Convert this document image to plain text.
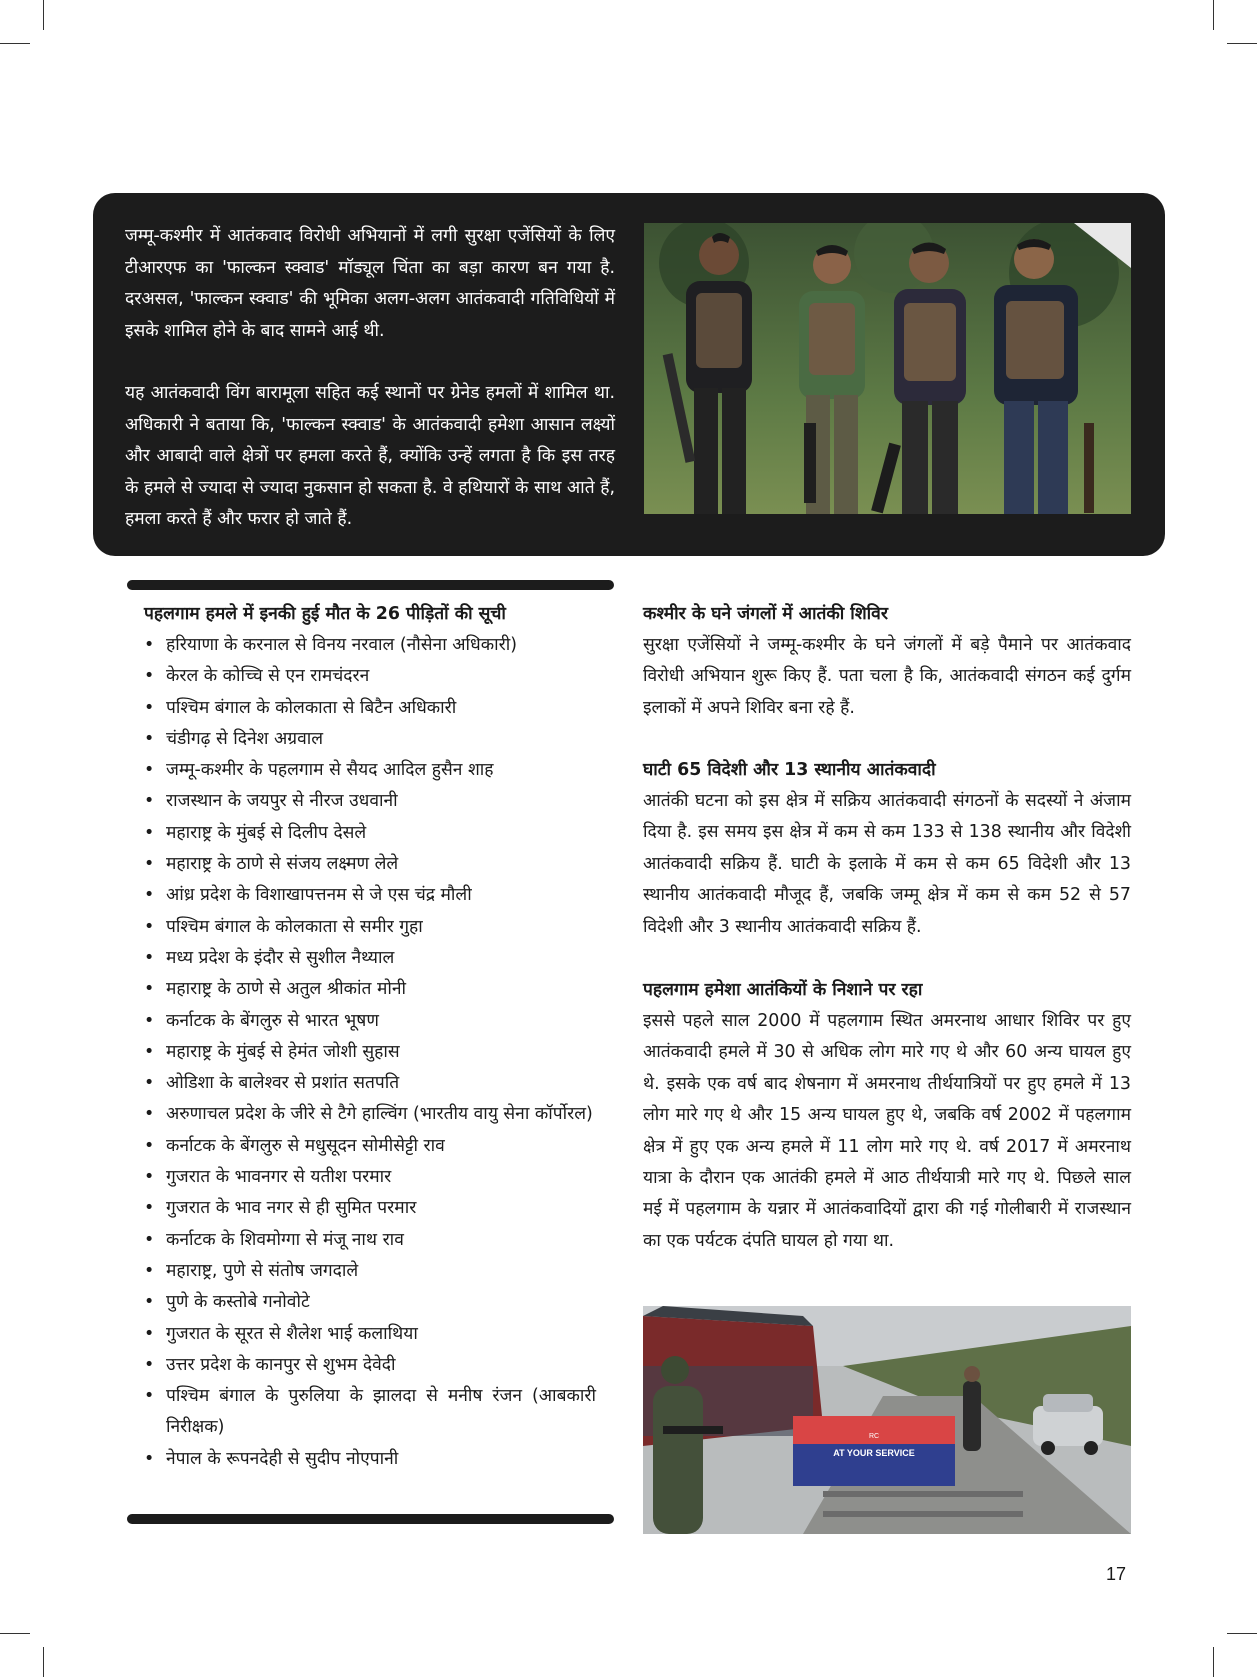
जम्मू-कश्मीर में आतंकवाद विरोधी अभियानों में लगी सुरक्षा एजेंसियों के लिए टीआरएफ का 'फाल्कन स्क्वाड' मॉड्यूल चिंता का बड़ा कारण बन गया है. दरअसल, 'फाल्कन स्क्वाड' की भूमिका अलग-अलग आतंकवादी गतिविधियों में इसके शामिल होने के बाद सामने आई थी.

यह आतंकवादी विंग बारामूला सहित कई स्थानों पर ग्रेनेड हमलों में शामिल था. अधिकारी ने बताया कि, 'फाल्कन स्क्वाड' के आतंकवादी हमेशा आसान लक्ष्यों और आबादी वाले क्षेत्रों पर हमला करते हैं, क्योंकि उन्हें लगता है कि इस तरह के हमले से ज्यादा से ज्यादा नुकसान हो सकता है. वे हथियारों के साथ आते हैं, हमला करते हैं और फरार हो जाते हैं.

पहलगाम हमले में इनकी हुई मौत के 26 पीड़ितों की सूची
• हरियाणा के करनाल से विनय नरवाल (नौसेना अधिकारी)
• केरल के कोच्चि से एन रामचंदरन
• पश्चिम बंगाल के कोलकाता से बिटैन अधिकारी
• चंडीगढ़ से दिनेश अग्रवाल
• जम्मू-कश्मीर के पहलगाम से सैयद आदिल हुसैन शाह
• राजस्थान के जयपुर से नीरज उधवानी
• महाराष्ट्र के मुंबई से दिलीप देसले
• महाराष्ट्र के ठाणे से संजय लक्ष्मण लेले
• आंध्र प्रदेश के विशाखापत्तनम से जे एस चंद्र मौली
• पश्चिम बंगाल के कोलकाता से समीर गुहा
• मध्य प्रदेश के इंदौर से सुशील नैथ्याल
• महाराष्ट्र के ठाणे से अतुल श्रीकांत मोनी
• कर्नाटक के बेंगलुरु से भारत भूषण
• महाराष्ट्र के मुंबई से हेमंत जोशी सुहास
• ओडिशा के बालेश्वर से प्रशांत सतपति
• अरुणाचल प्रदेश के जीरे से टैगे हाल्विंग (भारतीय वायु सेना कॉर्पोरल)
• कर्नाटक के बेंगलुरु से मधुसूदन सोमीसेट्टी राव
• गुजरात के भावनगर से यतीश परमार
• गुजरात के भाव नगर से ही सुमित परमार
• कर्नाटक के शिवमोग्गा से मंजू नाथ राव
• महाराष्ट्र, पुणे से संतोष जगदाले
• पुणे के कस्तोबे गनोवोटे
• गुजरात के सूरत से शैलेश भाई कलाथिया
• उत्तर प्रदेश के कानपुर से शुभम देवेदी
• पश्चिम बंगाल के पुरुलिया के झालदा से मनीष रंजन (आबकारी निरीक्षक)
• नेपाल के रूपनदेही से सुदीप नोएपानी
कश्मीर के घने जंगलों में आतंकी शिविर

सुरक्षा एजेंसियों ने जम्मू-कश्मीर के घने जंगलों में बड़े पैमाने पर आतंकवाद विरोधी अभियान शुरू किए हैं. पता चला है कि, आतंकवादी संगठन कई दुर्गम इलाकों में अपने शिविर बना रहे हैं.

घाटी 65 विदेशी और 13 स्थानीय आतंकवादी

आतंकी घटना को इस क्षेत्र में सक्रिय आतंकवादी संगठनों के सदस्यों ने अंजाम दिया है. इस समय इस क्षेत्र में कम से कम 133 से 138 स्थानीय और विदेशी आतंकवादी सक्रिय हैं. घाटी के इलाके में कम से कम 65 विदेशी और 13 स्थानीय आतंकवादी मौजूद हैं, जबकि जम्मू क्षेत्र में कम से कम 52 से 57 विदेशी और 3 स्थानीय आतंकवादी सक्रिय हैं.

पहलगाम हमेशा आतंकियों के निशाने पर रहा

इससे पहले साल 2000 में पहलगाम स्थित अमरनाथ आधार शिविर पर हुए आतंकवादी हमले में 30 से अधिक लोग मारे गए थे और 60 अन्य घायल हुए थे. इसके एक वर्ष बाद शेषनाग में अमरनाथ तीर्थयात्रियों पर हुए हमले में 13 लोग मारे गए थे और 15 अन्य घायल हुए थे, जबकि वर्ष 2002 में पहलगाम क्षेत्र में हुए एक अन्य हमले में 11 लोग मारे गए थे. वर्ष 2017 में अमरनाथ यात्रा के दौरान एक आतंकी हमले में आठ तीर्थयात्री मारे गए थे. पिछले साल मई में पहलगाम के यन्नार में आतंकवादियों द्वारा की गई गोलीबारी में राजस्थान का एक पर्यटक दंपति घायल हो गया था.

RC
AT YOUR SERVICE
17
